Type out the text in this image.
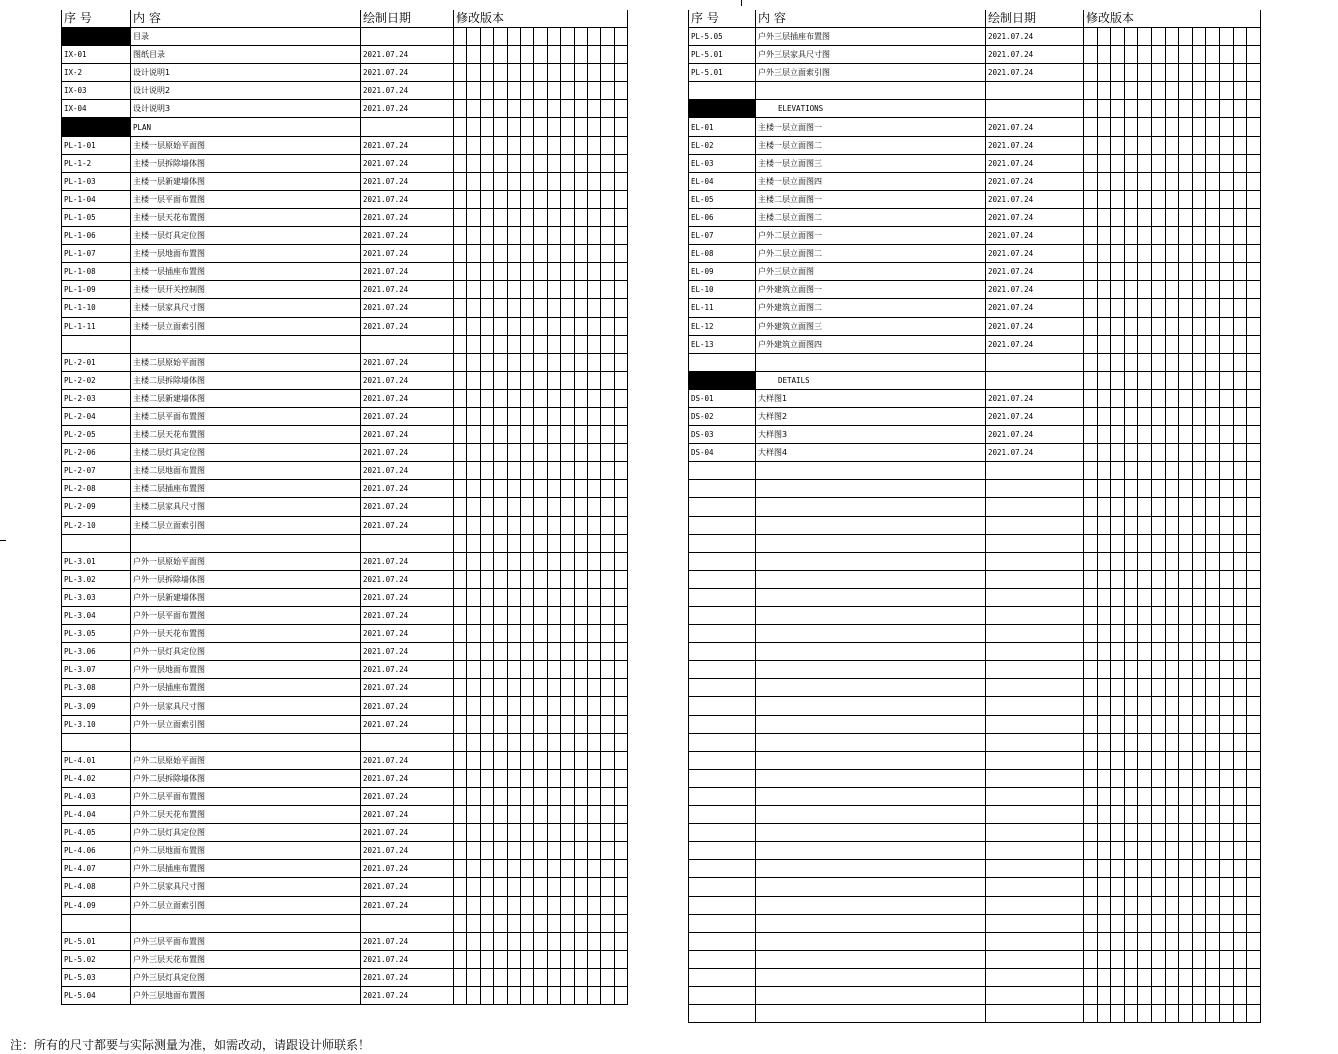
序 号	内 容	绘制日期	修改版本												
	目录														
IX-01	图纸目录	2021.07.24													
IX-2	设计说明1	2021.07.24													
IX-03	设计说明2	2021.07.24													
IX-04	设计说明3	2021.07.24													
	PLAN														
PL-1-01	主楼一层原始平面图	2021.07.24													
PL-1-2	主楼一层拆除墙体图	2021.07.24													
PL-1-03	主楼一层新建墙体图	2021.07.24													
PL-1-04	主楼一层平面布置图	2021.07.24													
PL-1-05	主楼一层天花布置图	2021.07.24													
PL-1-06	主楼一层灯具定位图	2021.07.24													
PL-1-07	主楼一层地面布置图	2021.07.24													
PL-1-08	主楼一层插座布置图	2021.07.24													
PL-1-09	主楼一层开关控制图	2021.07.24													
PL-1-10	主楼一层家具尺寸图	2021.07.24													
PL-1-11	主楼一层立面索引图	2021.07.24													

PL-2-01	主楼二层原始平面图	2021.07.24													
PL-2-02	主楼二层拆除墙体图	2021.07.24													
PL-2-03	主楼二层新建墙体图	2021.07.24													
PL-2-04	主楼二层平面布置图	2021.07.24													
PL-2-05	主楼二层天花布置图	2021.07.24													
PL-2-06	主楼二层灯具定位图	2021.07.24													
PL-2-07	主楼二层地面布置图	2021.07.24													
PL-2-08	主楼二层插座布置图	2021.07.24													
PL-2-09	主楼二层家具尺寸图	2021.07.24													
PL-2-10	主楼二层立面索引图	2021.07.24													

PL-3.01	户外一层原始平面图	2021.07.24													
PL-3.02	户外一层拆除墙体图	2021.07.24													
PL-3.03	户外一层新建墙体图	2021.07.24													
PL-3.04	户外一层平面布置图	2021.07.24													
PL-3.05	户外一层天花布置图	2021.07.24													
PL-3.06	户外一层灯具定位图	2021.07.24													
PL-3.07	户外一层地面布置图	2021.07.24													
PL-3.08	户外一层插座布置图	2021.07.24													
PL-3.09	户外一层家具尺寸图	2021.07.24													
PL-3.10	户外一层立面索引图	2021.07.24													

PL-4.01	户外二层原始平面图	2021.07.24													
PL-4.02	户外二层拆除墙体图	2021.07.24													
PL-4.03	户外二层平面布置图	2021.07.24													
PL-4.04	户外二层天花布置图	2021.07.24													
PL-4.05	户外二层灯具定位图	2021.07.24													
PL-4.06	户外二层地面布置图	2021.07.24													
PL-4.07	户外二层插座布置图	2021.07.24													
PL-4.08	户外二层家具尺寸图	2021.07.24													
PL-4.09	户外二层立面索引图	2021.07.24													

PL-5.01	户外三层平面布置图	2021.07.24													
PL-5.02	户外三层天花布置图	2021.07.24													
PL-5.03	户外三层灯具定位图	2021.07.24													
PL-5.04	户外三层地面布置图	2021.07.24													
序 号	内 容	绘制日期	修改版本												
PL-5.05	户外三层插座布置图	2021.07.24													
PL-5.01	户外三层家具尺寸图	2021.07.24													
PL-5.01	户外三层立面索引图	2021.07.24													

	ELEVATIONS														
EL-01	主楼一层立面图一	2021.07.24													
EL-02	主楼一层立面图二	2021.07.24													
EL-03	主楼一层立面图三	2021.07.24													
EL-04	主楼一层立面图四	2021.07.24													
EL-05	主楼二层立面图一	2021.07.24													
EL-06	主楼二层立面图二	2021.07.24													
EL-07	户外二层立面图一	2021.07.24													
EL-08	户外二层立面图二	2021.07.24													
EL-09	户外三层立面图	2021.07.24													
EL-10	户外建筑立面图一	2021.07.24													
EL-11	户外建筑立面图二	2021.07.24													
EL-12	户外建筑立面图三	2021.07.24													
EL-13	户外建筑立面图四	2021.07.24													

	DETAILS														
DS-01	大样图1	2021.07.24													
DS-02	大样图2	2021.07.24													
DS-03	大样图3	2021.07.24													
DS-04	大样图4	2021.07.24													

注：所有的尺寸都要与实际测量为准，如需改动，请跟设计师联系！
